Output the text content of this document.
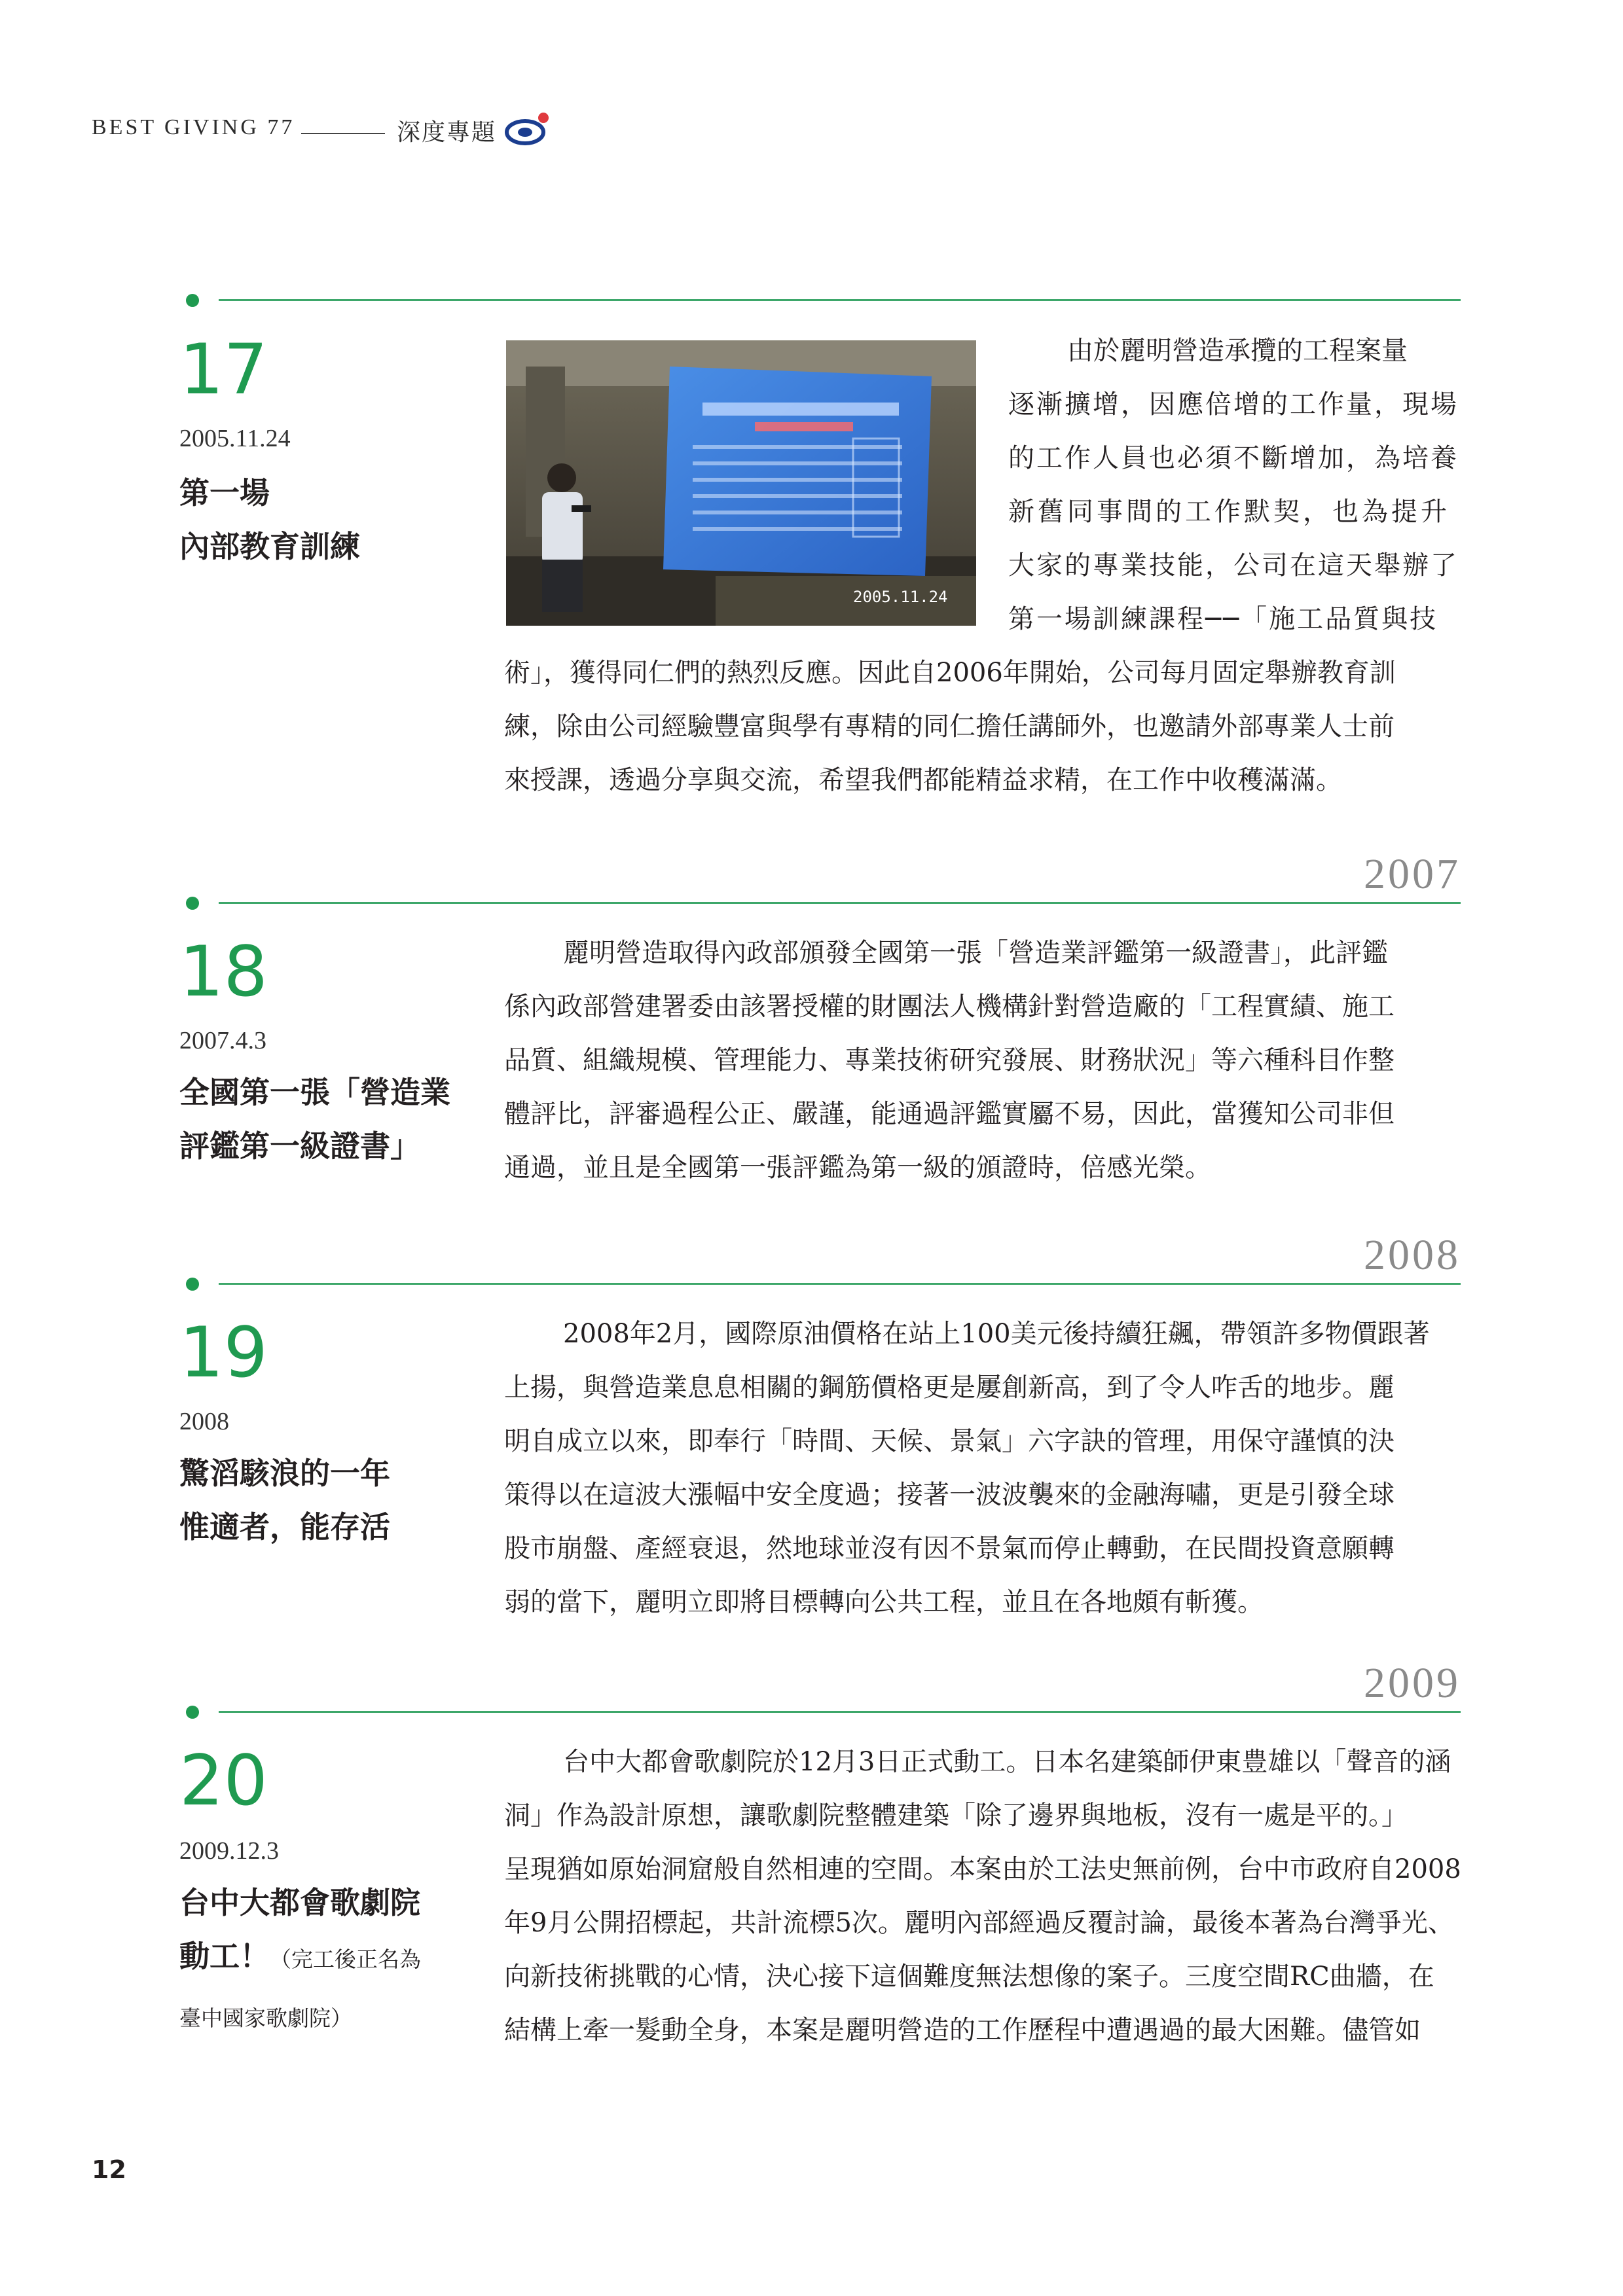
BEST GIVING 77	深度專題
17
2005.11.24
第一場
內部教育訓練
2005.11.24
由於麗明營造承攬的工程案量
逐漸擴增，因應倍增的工作量，現場
的工作人員也必須不斷增加，為培養
新舊同事間的工作默契，也為提升
大家的專業技能，公司在這天舉辦了
第一場訓練課程──「施工品質與技
術」，獲得同仁們的熱烈反應。因此自2006年開始，公司每月固定舉辦教育訓
練，除由公司經驗豐富與學有專精的同仁擔任講師外，也邀請外部專業人士前
來授課，透過分享與交流，希望我們都能精益求精，在工作中收穫滿滿。
2007
18
2007.4.3
全國第一張「營造業
評鑑第一級證書」
麗明營造取得內政部頒發全國第一張「營造業評鑑第一級證書」，此評鑑
係內政部營建署委由該署授權的財團法人機構針對營造廠的「工程實績、施工
品質、組織規模、管理能力、專業技術研究發展、財務狀況」等六種科目作整
體評比，評審過程公正、嚴謹，能通過評鑑實屬不易，因此，當獲知公司非但
通過，並且是全國第一張評鑑為第一級的頒證時，倍感光榮。
2008
19
2008
驚滔駭浪的一年
惟適者，能存活
2008年2月，國際原油價格在站上100美元後持續狂飆，帶領許多物價跟著
上揚，與營造業息息相關的鋼筋價格更是屢創新高，到了令人咋舌的地步。麗
明自成立以來，即奉行「時間、天候、景氣」六字訣的管理，用保守謹慎的決
策得以在這波大漲幅中安全度過；接著一波波襲來的金融海嘯，更是引發全球
股市崩盤、產經衰退，然地球並沒有因不景氣而停止轉動，在民間投資意願轉
弱的當下，麗明立即將目標轉向公共工程，並且在各地頗有斬獲。
2009
20
2009.12.3
台中大都會歌劇院
動工！（完工後正名為
臺中國家歌劇院）
台中大都會歌劇院於12月3日正式動工。日本名建築師伊東豊雄以「聲音的涵
洞」作為設計原想，讓歌劇院整體建築「除了邊界與地板，沒有一處是平的。」
呈現猶如原始洞窟般自然相連的空間。本案由於工法史無前例，台中市政府自2008
年9月公開招標起，共計流標5次。麗明內部經過反覆討論，最後本著為台灣爭光、
向新技術挑戰的心情，決心接下這個難度無法想像的案子。三度空間RC曲牆，在
結構上牽一髮動全身，本案是麗明營造的工作歷程中遭遇過的最大困難。儘管如
12
